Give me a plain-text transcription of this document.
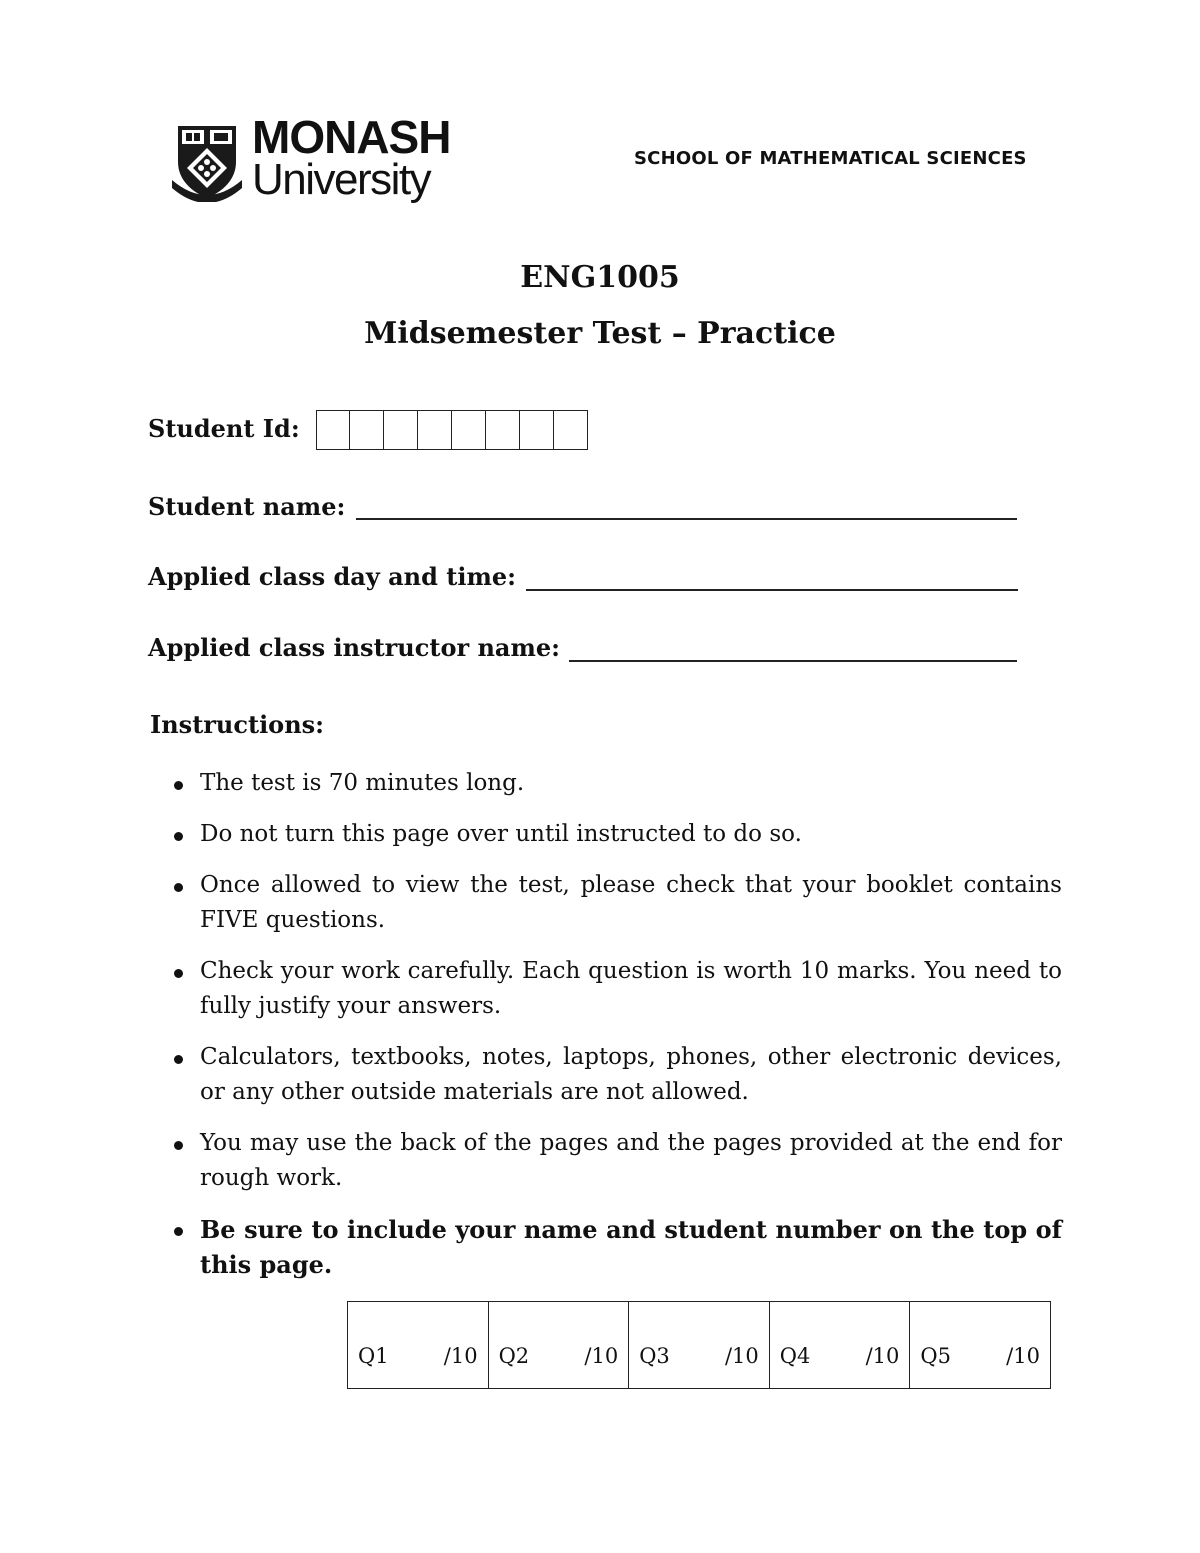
MONASH
University	SCHOOL OF MATHEMATICAL SCIENCES
ENG1005
Midsemester Test – Practice
Student Id:
Student name:
Applied class day and time:
Applied class instructor name:
Instructions:
The test is 70 minutes long.
Do not turn this page over until instructed to do so.
Once allowed to view the test, please check that your booklet contains FIVE questions.
Check your work carefully. Each question is worth 10 marks. You need to fully justify your answers.
Calculators, textbooks, notes, laptops, phones, other electronic devices, or any other outside materials are not allowed.
You may use the back of the pages and the pages provided at the end for rough work.
Be sure to include your name and student number on the top of this page.
Q1	/10 Q2	/10 Q3	/10 Q4	/10 Q5	/10
